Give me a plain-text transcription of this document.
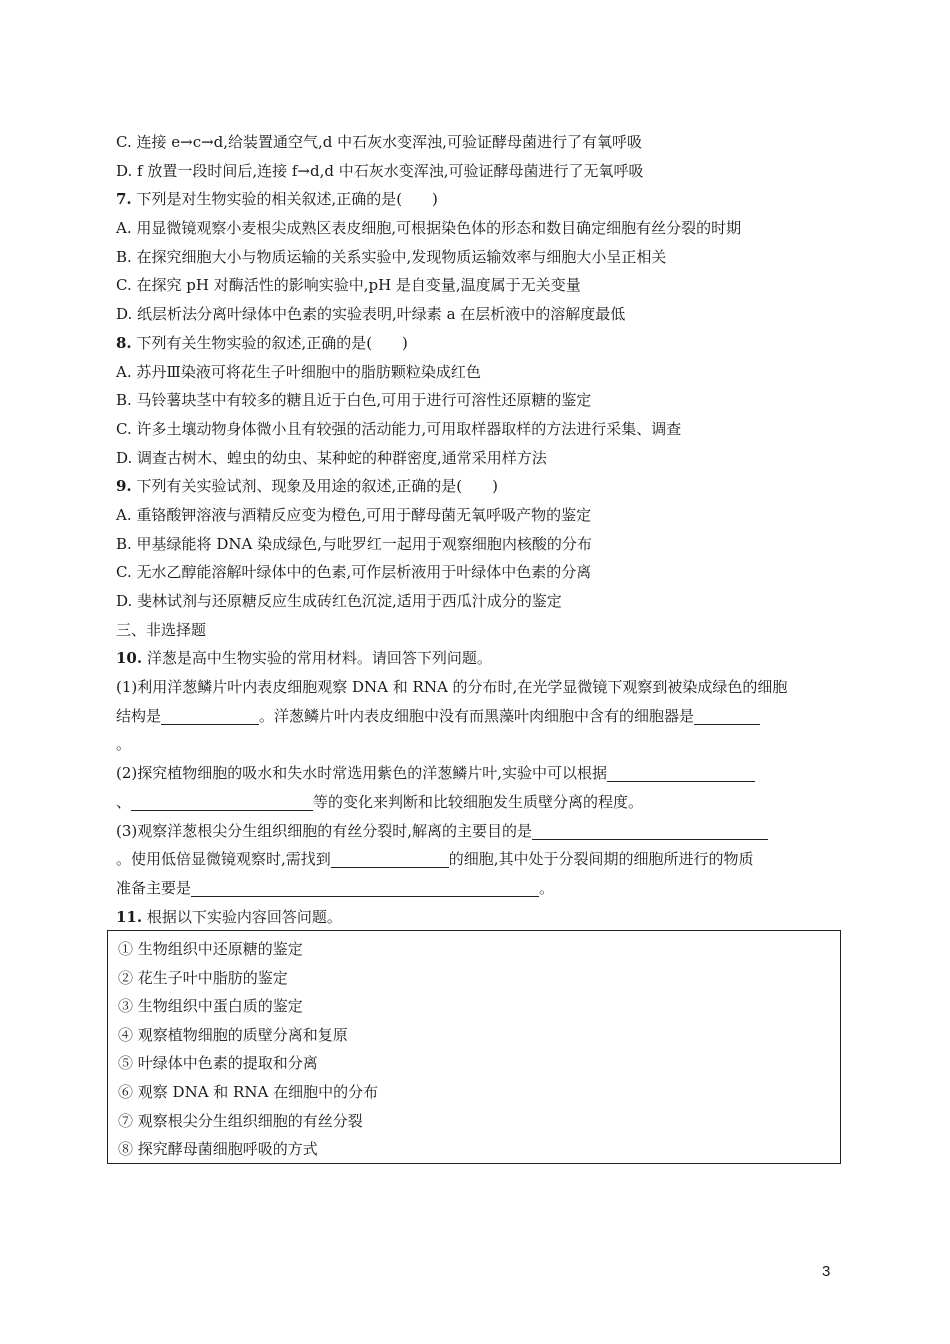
C. 连接 e→c→d,给装置通空气,d 中石灰水变浑浊,可验证酵母菌进行了有氧呼吸
D. f 放置一段时间后,连接 f→d,d 中石灰水变浑浊,可验证酵母菌进行了无氧呼吸
7. 下列是对生物实验的相关叙述,正确的是(　　)
A. 用显微镜观察小麦根尖成熟区表皮细胞,可根据染色体的形态和数目确定细胞有丝分裂的时期
B. 在探究细胞大小与物质运输的关系实验中,发现物质运输效率与细胞大小呈正相关
C. 在探究 pH 对酶活性的影响实验中,pH 是自变量,温度属于无关变量
D. 纸层析法分离叶绿体中色素的实验表明,叶绿素 a 在层析液中的溶解度最低
8. 下列有关生物实验的叙述,正确的是(　　)
A. 苏丹Ⅲ染液可将花生子叶细胞中的脂肪颗粒染成红色
B. 马铃薯块茎中有较多的糖且近于白色,可用于进行可溶性还原糖的鉴定
C. 许多土壤动物身体微小且有较强的活动能力,可用取样器取样的方法进行采集、调查
D. 调查古树木、蝗虫的幼虫、某种蛇的种群密度,通常采用样方法
9. 下列有关实验试剂、现象及用途的叙述,正确的是(　　)
A. 重铬酸钾溶液与酒精反应变为橙色,可用于酵母菌无氧呼吸产物的鉴定
B. 甲基绿能将 DNA 染成绿色,与吡罗红一起用于观察细胞内核酸的分布
C. 无水乙醇能溶解叶绿体中的色素,可作层析液用于叶绿体中色素的分离
D. 斐林试剂与还原糖反应生成砖红色沉淀,适用于西瓜汁成分的鉴定
三、非选择题
10. 洋葱是高中生物实验的常用材料。请回答下列问题。
(1)利用洋葱鳞片叶内表皮细胞观察 DNA 和 RNA 的分布时,在光学显微镜下观察到被染成绿色的细胞
结构是	。洋葱鳞片叶内表皮细胞中没有而黑藻叶肉细胞中含有的细胞器是
。
(2)探究植物细胞的吸水和失水时常选用紫色的洋葱鳞片叶,实验中可以根据
、	等的变化来判断和比较细胞发生质壁分离的程度。
(3)观察洋葱根尖分生组织细胞的有丝分裂时,解离的主要目的是
。使用低倍显微镜观察时,需找到	的细胞,其中处于分裂间期的细胞所进行的物质
准备主要是	。
11. 根据以下实验内容回答问题。
① 生物组织中还原糖的鉴定
② 花生子叶中脂肪的鉴定
③ 生物组织中蛋白质的鉴定
④ 观察植物细胞的质壁分离和复原
⑤ 叶绿体中色素的提取和分离
⑥ 观察 DNA 和 RNA 在细胞中的分布
⑦ 观察根尖分生组织细胞的有丝分裂
⑧ 探究酵母菌细胞呼吸的方式
3
